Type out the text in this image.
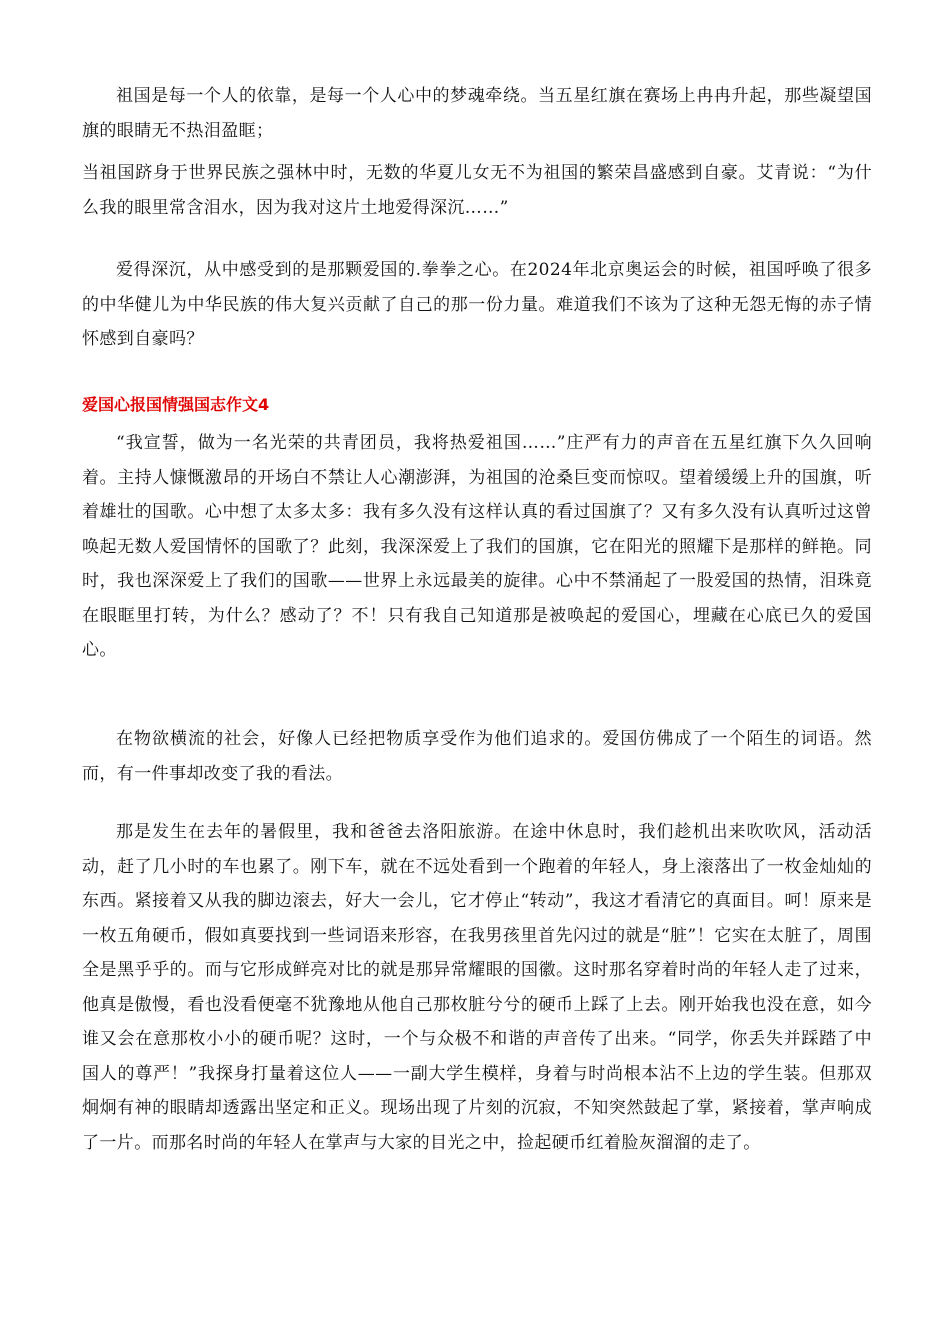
祖国是每一个人的依靠，是每一个人心中的梦魂牵绕。当五星红旗在赛场上冉冉升起，那些凝望国旗的眼睛无不热泪盈眶；

当祖国跻身于世界民族之强林中时，无数的华夏儿女无不为祖国的繁荣昌盛感到自豪。艾青说：“为什么我的眼里常含泪水，因为我对这片土地爱得深沉……”

爱得深沉，从中感受到的是那颗爱国的.拳拳之心。在2024年北京奥运会的时候，祖国呼唤了很多的中华健儿为中华民族的伟大复兴贡献了自己的那一份力量。难道我们不该为了这种无怨无悔的赤子情怀感到自豪吗？

爱国心报国情强国志作文4

“我宣誓，做为一名光荣的共青团员，我将热爱祖国……”庄严有力的声音在五星红旗下久久回响着。主持人慷慨激昂的开场白不禁让人心潮澎湃，为祖国的沧桑巨变而惊叹。望着缓缓上升的国旗，听着雄壮的国歌。心中想了太多太多：我有多久没有这样认真的看过国旗了？又有多久没有认真听过这曾唤起无数人爱国情怀的国歌了？此刻，我深深爱上了我们的国旗，它在阳光的照耀下是那样的鲜艳。同时，我也深深爱上了我们的国歌——世界上永远最美的旋律。心中不禁涌起了一股爱国的热情，泪珠竟在眼眶里打转，为什么？感动了？不！只有我自己知道那是被唤起的爱国心，埋藏在心底已久的爱国心。

在物欲横流的社会，好像人已经把物质享受作为他们追求的。爱国仿佛成了一个陌生的词语。然而，有一件事却改变了我的看法。

那是发生在去年的暑假里，我和爸爸去洛阳旅游。在途中休息时，我们趁机出来吹吹风，活动活动，赶了几小时的车也累了。刚下车，就在不远处看到一个跑着的年轻人，身上滚落出了一枚金灿灿的东西。紧接着又从我的脚边滚去，好大一会儿，它才停止“转动”，我这才看清它的真面目。呵！原来是一枚五角硬币，假如真要找到一些词语来形容，在我男孩里首先闪过的就是“脏”！它实在太脏了，周围全是黑乎乎的。而与它形成鲜亮对比的就是那异常耀眼的国徽。这时那名穿着时尚的年轻人走了过来，他真是傲慢，看也没看便毫不犹豫地从他自己那枚脏兮兮的硬币上踩了上去。刚开始我也没在意，如今谁又会在意那枚小小的硬币呢？这时，一个与众极不和谐的声音传了出来。“同学，你丢失并踩踏了中国人的尊严！”我探身打量着这位人——一副大学生模样，身着与时尚根本沾不上边的学生装。但那双炯炯有神的眼睛却透露出坚定和正义。现场出现了片刻的沉寂，不知突然鼓起了掌，紧接着，掌声响成了一片。而那名时尚的年轻人在掌声与大家的目光之中，捡起硬币红着脸灰溜溜的走了。
